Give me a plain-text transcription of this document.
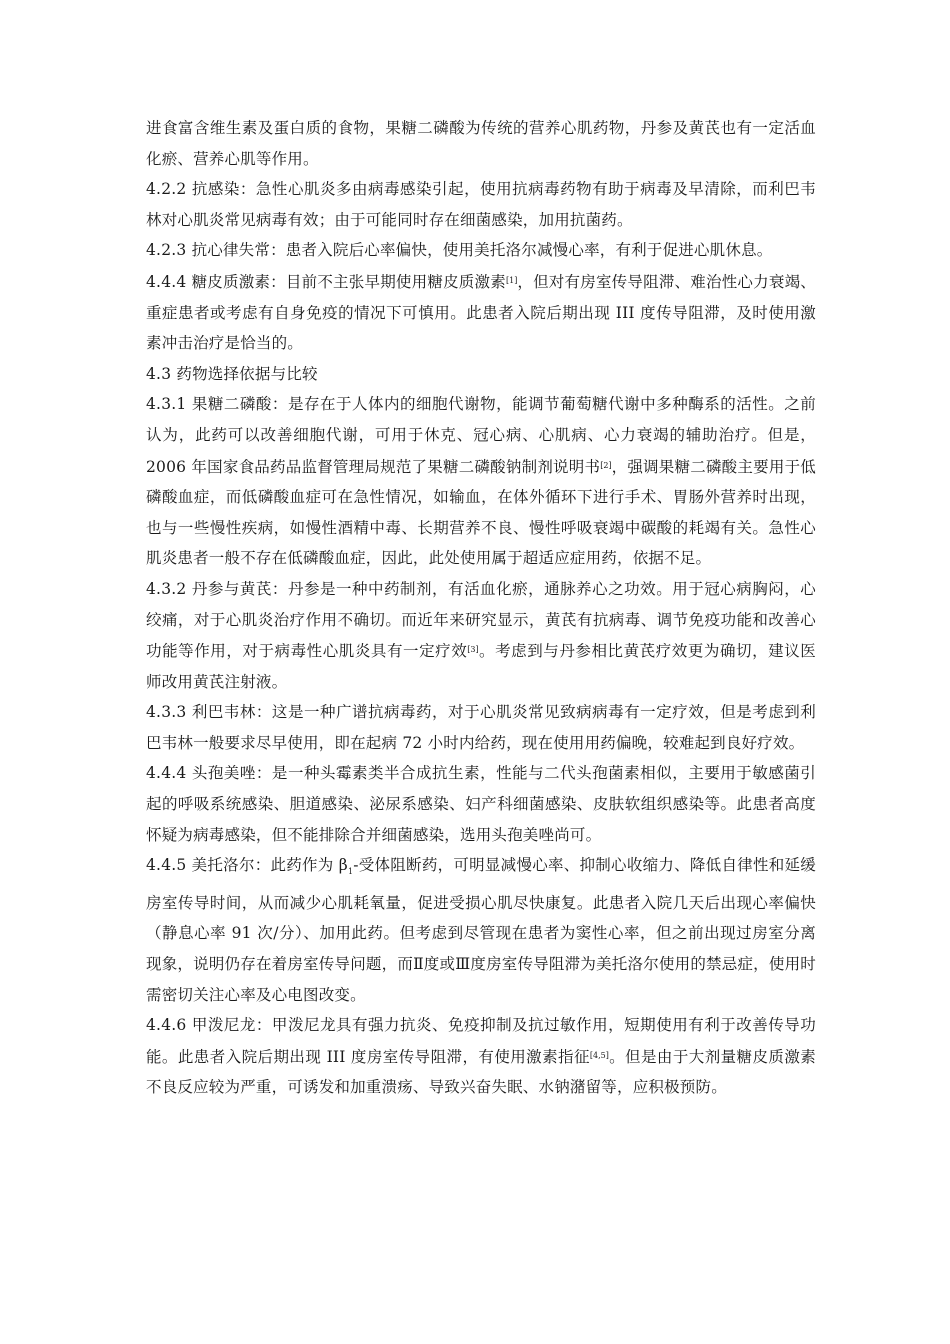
进食富含维生素及蛋白质的食物，果糖二磷酸为传统的营养心肌药物，丹参及黄芪也有一定活血化瘀、营养心肌等作用。

4.2.2 抗感染：急性心肌炎多由病毒感染引起，使用抗病毒药物有助于病毒及早清除，而利巴韦林对心肌炎常见病毒有效；由于可能同时存在细菌感染，加用抗菌药。

4.2.3 抗心律失常：患者入院后心率偏快，使用美托洛尔减慢心率，有利于促进心肌休息。

4.4.4 糖皮质激素：目前不主张早期使用糖皮质激素[1]，但对有房室传导阻滞、难治性心力衰竭、重症患者或考虑有自身免疫的情况下可慎用。此患者入院后期出现 III 度传导阻滞，及时使用激素冲击治疗是恰当的。

4.3 药物选择依据与比较

4.3.1 果糖二磷酸：是存在于人体内的细胞代谢物，能调节葡萄糖代谢中多种酶系的活性。之前认为，此药可以改善细胞代谢，可用于休克、冠心病、心肌病、心力衰竭的辅助治疗。但是，2006 年国家食品药品监督管理局规范了果糖二磷酸钠制剂说明书[2]，强调果糖二磷酸主要用于低磷酸血症，而低磷酸血症可在急性情况，如输血，在体外循环下进行手术、胃肠外营养时出现，也与一些慢性疾病，如慢性酒精中毒、长期营养不良、慢性呼吸衰竭中碳酸的耗竭有关。急性心肌炎患者一般不存在低磷酸血症，因此，此处使用属于超适应症用药，依据不足。

4.3.2 丹参与黄芪：丹参是一种中药制剂，有活血化瘀，通脉养心之功效。用于冠心病胸闷，心绞痛，对于心肌炎治疗作用不确切。而近年来研究显示，黄芪有抗病毒、调节免疫功能和改善心功能等作用，对于病毒性心肌炎具有一定疗效[3]。考虑到与丹参相比黄芪疗效更为确切，建议医师改用黄芪注射液。

4.3.3 利巴韦林：这是一种广谱抗病毒药，对于心肌炎常见致病病毒有一定疗效，但是考虑到利巴韦林一般要求尽早使用，即在起病 72 小时内给药，现在使用用药偏晚，较难起到良好疗效。

4.4.4 头孢美唑：是一种头霉素类半合成抗生素，性能与二代头孢菌素相似，主要用于敏感菌引起的呼吸系统感染、胆道感染、泌尿系感染、妇产科细菌感染、皮肤软组织感染等。此患者高度怀疑为病毒感染，但不能排除合并细菌感染，选用头孢美唑尚可。

4.4.5 美托洛尔：此药作为 $\beta_1-$受体阻断药，可明显减慢心率、抑制心收缩力、降低自律性和延缓房室传导时间，从而减少心肌耗氧量，促进受损心肌尽快康复。此患者入院几天后出现心率偏快（静息心率 91 次/分）、加用此药。但考虑到尽管现在患者为窦性心率，但之前出现过房室分离现象，说明仍存在着房室传导问题，而Ⅱ度或Ⅲ度房室传导阻滞为美托洛尔使用的禁忌症，使用时需密切关注心率及心电图改变。

4.4.6 甲泼尼龙：甲泼尼龙具有强力抗炎、免疫抑制及抗过敏作用，短期使用有利于改善传导功能。此患者入院后期出现 III 度房室传导阻滞，有使用激素指征[4,5]。但是由于大剂量糖皮质激素不良反应较为严重，可诱发和加重溃疡、导致兴奋失眠、水钠潴留等，应积极预防。
